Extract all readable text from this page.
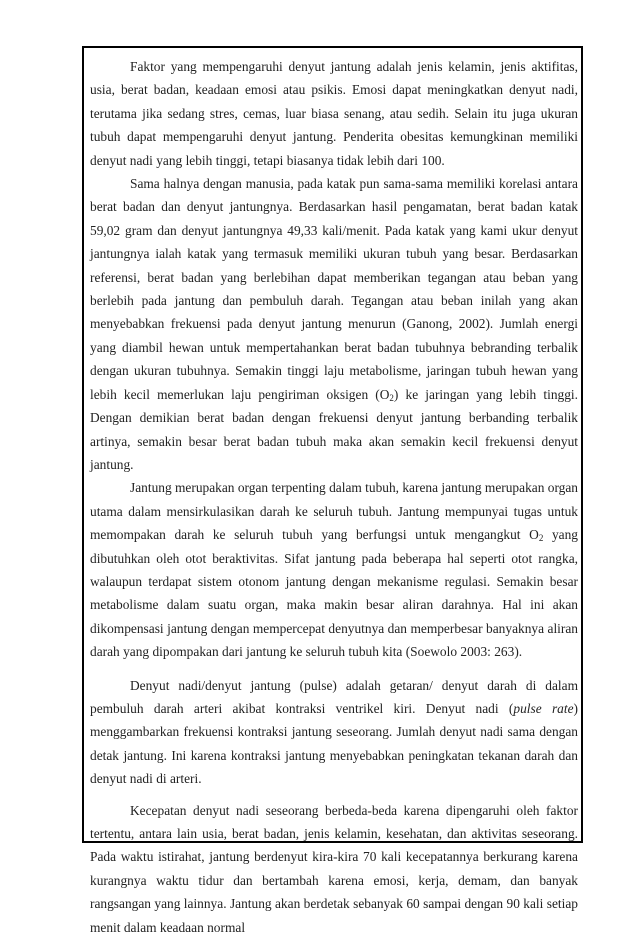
Faktor yang mempengaruhi denyut jantung adalah jenis kelamin, jenis aktifitas, usia, berat badan, keadaan emosi atau psikis. Emosi dapat meningkatkan denyut nadi, terutama jika sedang stres, cemas, luar biasa senang, atau sedih. Selain itu juga ukuran tubuh dapat mempengaruhi denyut jantung. Penderita obesitas kemungkinan memiliki denyut nadi yang lebih tinggi, tetapi biasanya tidak lebih dari 100.

Sama halnya dengan manusia, pada katak pun sama-sama memiliki korelasi antara berat badan dan denyut jantungnya. Berdasarkan hasil pengamatan, berat badan katak 59,02 gram dan denyut jantungnya 49,33 kali/menit. Pada katak yang kami ukur denyut jantungnya ialah katak yang termasuk memiliki ukuran tubuh yang besar. Berdasarkan referensi, berat badan yang berlebihan dapat memberikan tegangan atau beban yang berlebih pada jantung dan pembuluh darah. Tegangan atau beban inilah yang akan menyebabkan frekuensi pada denyut jantung menurun (Ganong, 2002). Jumlah energi yang diambil hewan untuk mempertahankan berat badan tubuhnya bebranding terbalik dengan ukuran tubuhnya. Semakin tinggi laju metabolisme, jaringan tubuh hewan yang lebih kecil memerlukan laju pengiriman oksigen $(O_2)$ ke jaringan yang lebih tinggi. Dengan demikian berat badan dengan frekuensi denyut jantung berbanding terbalik artinya, semakin besar berat badan tubuh maka akan semakin kecil frekuensi denyut jantung.

Jantung merupakan organ terpenting dalam tubuh, karena jantung merupakan organ utama dalam mensirkulasikan darah ke seluruh tubuh. Jantung mempunyai tugas untuk memompakan darah ke seluruh tubuh yang berfungsi untuk mengangkut $O_2$ yang dibutuhkan oleh otot beraktivitas. Sifat jantung pada beberapa hal seperti otot rangka, walaupun terdapat sistem otonom jantung dengan mekanisme regulasi. Semakin besar metabolisme dalam suatu organ, maka makin besar aliran darahnya. Hal ini akan dikompensasi jantung dengan mempercepat denyutnya dan memperbesar banyaknya aliran darah yang dipompakan dari jantung ke seluruh tubuh kita (Soewolo 2003: 263).

Denyut nadi/denyut jantung (pulse) adalah getaran/ denyut darah di dalam pembuluh darah arteri akibat kontraksi ventrikel kiri. Denyut nadi (pulse rate) menggambarkan frekuensi kontraksi jantung seseorang. Jumlah denyut nadi sama dengan detak jantung. Ini karena kontraksi jantung menyebabkan peningkatan tekanan darah dan denyut nadi di arteri.

Kecepatan denyut nadi seseorang berbeda-beda karena dipengaruhi oleh faktor tertentu, antara lain usia, berat badan, jenis kelamin, kesehatan, dan aktivitas seseorang. Pada waktu istirahat, jantung berdenyut kira-kira 70 kali kecepatannya berkurang karena kurangnya waktu tidur dan bertambah karena emosi, kerja, demam, dan banyak rangsangan yang lainnya. Jantung akan berdetak sebanyak 60 sampai dengan 90 kali setiap menit dalam keadaan normal
